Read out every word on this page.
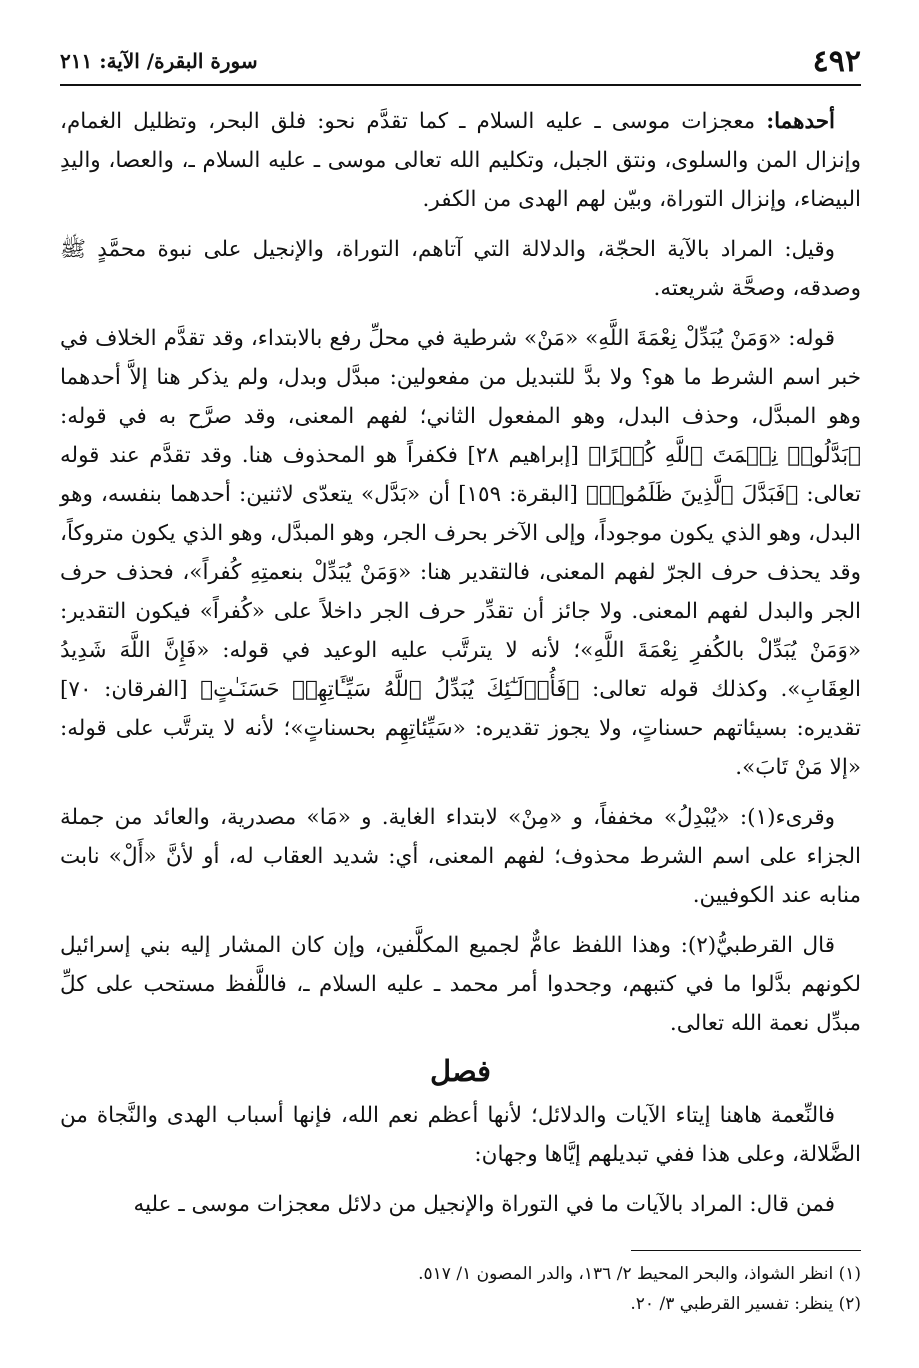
٤٩٢
سورة البقرة/ الآية: ٢١١

أحدهما: معجزات موسى ـ عليه السلام ـ كما تقدَّم نحو: فلق البحر، وتظليل الغمام، وإنزال المن والسلوى، ونتق الجبل، وتكليم الله تعالى موسى ـ عليه السلام ـ، والعصا، واليدِ البيضاء، وإنزال التوراة، وبيّن لهم الهدى من الكفر.

وقيل: المراد بالآية الحجّة، والدلالة التي آتاهم، التوراة، والإنجيل على نبوة محمَّدٍ ﷺ وصدقه، وصحَّة شريعته.

قوله: «وَمَنْ يُبَدِّلْ نِعْمَةَ اللَّهِ» «مَنْ» شرطية في محلِّ رفع بالابتداء، وقد تقدَّم الخلاف في خبر اسم الشرط ما هو؟ ولا بدَّ للتبديل من مفعولين: مبدَّل وبدل، ولم يذكر هنا إلاَّ أحدهما وهو المبدَّل، وحذف البدل، وهو المفعول الثاني؛ لفهم المعنى، وقد صرَّح به في قوله: ﴿بَدَّلُوا۟ نِعۡمَتَ ٱللَّهِ كُفۡرًا﴾ [إبراهيم ٢٨] فكفراً هو المحذوف هنا. وقد تقدَّم عند قوله تعالى: ﴿فَبَدَّلَ ٱلَّذِينَ ظَلَمُوا۟﴾ [البقرة: ١٥٩] أن «بَدَّل» يتعدّى لاثنين: أحدهما بنفسه، وهو البدل، وهو الذي يكون موجوداً، وإلى الآخر بحرف الجر، وهو المبدَّل، وهو الذي يكون متروكاً، وقد يحذف حرف الجرّ لفهم المعنى، فالتقدير هنا: «وَمَنْ يُبَدِّلْ بنعمتِهِ كُفراً»، فحذف حرف الجر والبدل لفهم المعنى. ولا جائز أن تقدِّر حرف الجر داخلاً على «كُفراً» فيكون التقدير: «وَمَنْ يُبَدِّلْ بالكُفرِ نِعْمَةَ اللَّهِ»؛ لأنه لا يترتَّب عليه الوعيد في قوله: «فَإِنَّ اللَّهَ شَدِيدُ العِقَابِ». وكذلك قوله تعالى: ﴿فَأُو۟لَـٰٓئِكَ يُبَدِّلُ ٱللَّهُ سَيِّـَٔاتِهِمۡ حَسَنَـٰتٍ﴾ [الفرقان: ٧٠] تقديره: بسيئاتهم حسناتٍ، ولا يجوز تقديره: «سَيِّئاتِهِم بحسناتٍ»؛ لأنه لا يترتَّب على قوله: «إلا مَنْ تَابَ».

وقرىء(١): «يُبْدِلُ» مخففاً، و «مِنْ» لابتداء الغاية. و «مَا» مصدرية، والعائد من جملة الجزاء على اسم الشرط محذوف؛ لفهم المعنى، أي: شديد العقاب له، أو لأنَّ «أَلْ» نابت منابه عند الكوفيين.

قال القرطبيُّ(٢): وهذا اللفظ عامٌّ لجميع المكلَّفين، وإن كان المشار إليه بني إسرائيل لكونهم بدَّلوا ما في كتبهم، وجحدوا أمر محمد ـ عليه السلام ـ، فاللَّفظ مستحب على كلِّ مبدِّل نعمة الله تعالى.

فصل

فالنِّعمة هاهنا إيتاء الآيات والدلائل؛ لأنها أعظم نعم الله، فإنها أسباب الهدى والنَّجاة من الضَّلالة، وعلى هذا ففي تبديلهم إيَّاها وجهان:

فمن قال: المراد بالآيات ما في التوراة والإنجيل من دلائل معجزات موسى ـ عليه

(١) انظر الشواذ، والبحر المحيط ٢/ ١٣٦، والدر المصون ١/ ٥١٧.

(٢) ينظر: تفسير القرطبي ٣/ ٢٠.
